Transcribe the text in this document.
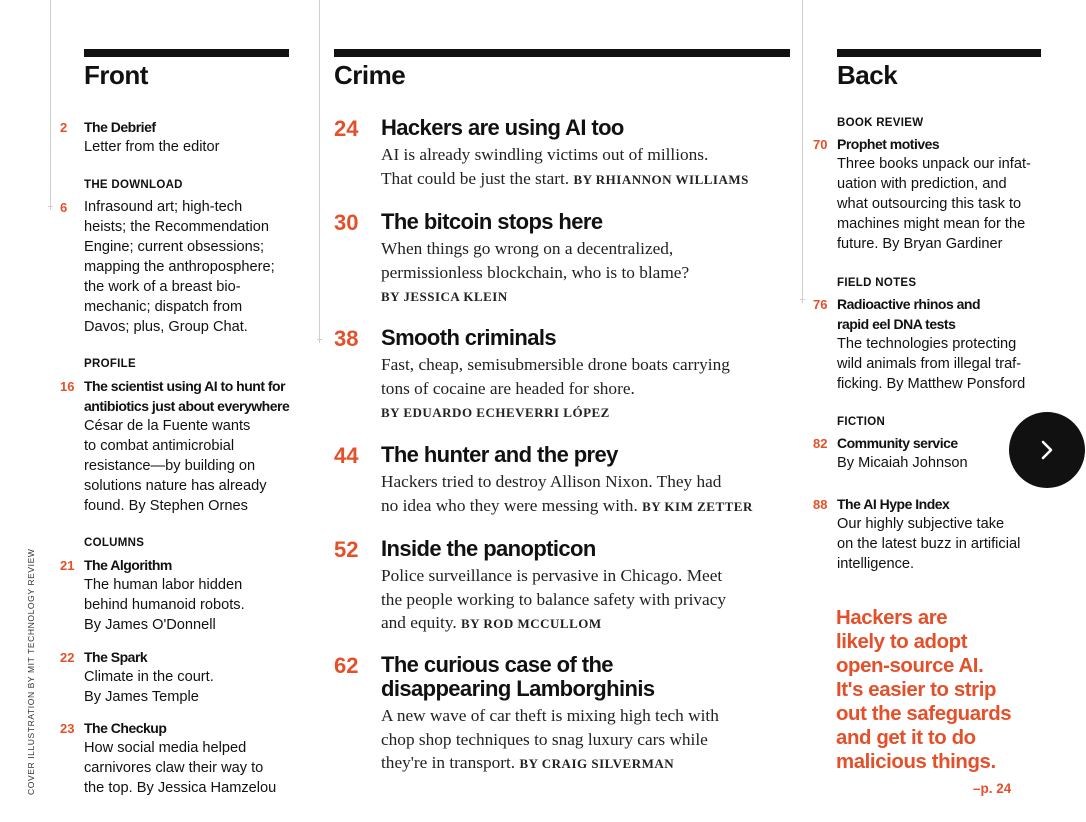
COVER ILLUSTRATION BY MIT TECHNOLOGY REVIEW
Front
2 The Debrief
Letter from the editor
THE DOWNLOAD
6 Infrasound art; high-tech
heists; the Recommendation
Engine; current obsessions;
mapping the anthroposphere;
the work of a breast bio-
mechanic; dispatch from
Davos; plus, Group Chat.
PROFILE
16 The scientist using AI to hunt for
antibiotics just about everywhere
César de la Fuente wants
to combat antimicrobial
resistance—by building on
solutions nature has already
found. By Stephen Ornes
COLUMNS
21 The Algorithm
The human labor hidden
behind humanoid robots.
By James O'Donnell
22 The Spark
Climate in the court.
By James Temple
23 The Checkup
How social media helped
carnivores claw their way to
the top. By Jessica Hamzelou
Crime
24 Hackers are using AI too
AI is already swindling victims out of millions.
That could be just the start. BY RHIANNON WILLIAMS
30 The bitcoin stops here
When things go wrong on a decentralized,
permissionless blockchain, who is to blame?
BY JESSICA KLEIN
38 Smooth criminals
Fast, cheap, semisubmersible drone boats carrying
tons of cocaine are headed for shore.
BY EDUARDO ECHEVERRI LÓPEZ
44 The hunter and the prey
Hackers tried to destroy Allison Nixon. They had
no idea who they were messing with. BY KIM ZETTER
52 Inside the panopticon
Police surveillance is pervasive in Chicago. Meet
the people working to balance safety with privacy
and equity. BY ROD MCCULLOM
62 The curious case of the
disappearing Lamborghinis
A new wave of car theft is mixing high tech with
chop shop techniques to snag luxury cars while
they're in transport. BY CRAIG SILVERMAN
Back
BOOK REVIEW
70 Prophet motives
Three books unpack our infat-
uation with prediction, and
what outsourcing this task to
machines might mean for the
future. By Bryan Gardiner
FIELD NOTES
76 Radioactive rhinos and
rapid eel DNA tests
The technologies protecting
wild animals from illegal traf-
ficking. By Matthew Ponsford
FICTION
82 Community service
By Micaiah Johnson
88 The AI Hype Index
Our highly subjective take
on the latest buzz in artificial
intelligence.
Hackers are
likely to adopt
open-source AI.
It's easier to strip
out the safeguards
and get it to do
malicious things.
–p. 24
